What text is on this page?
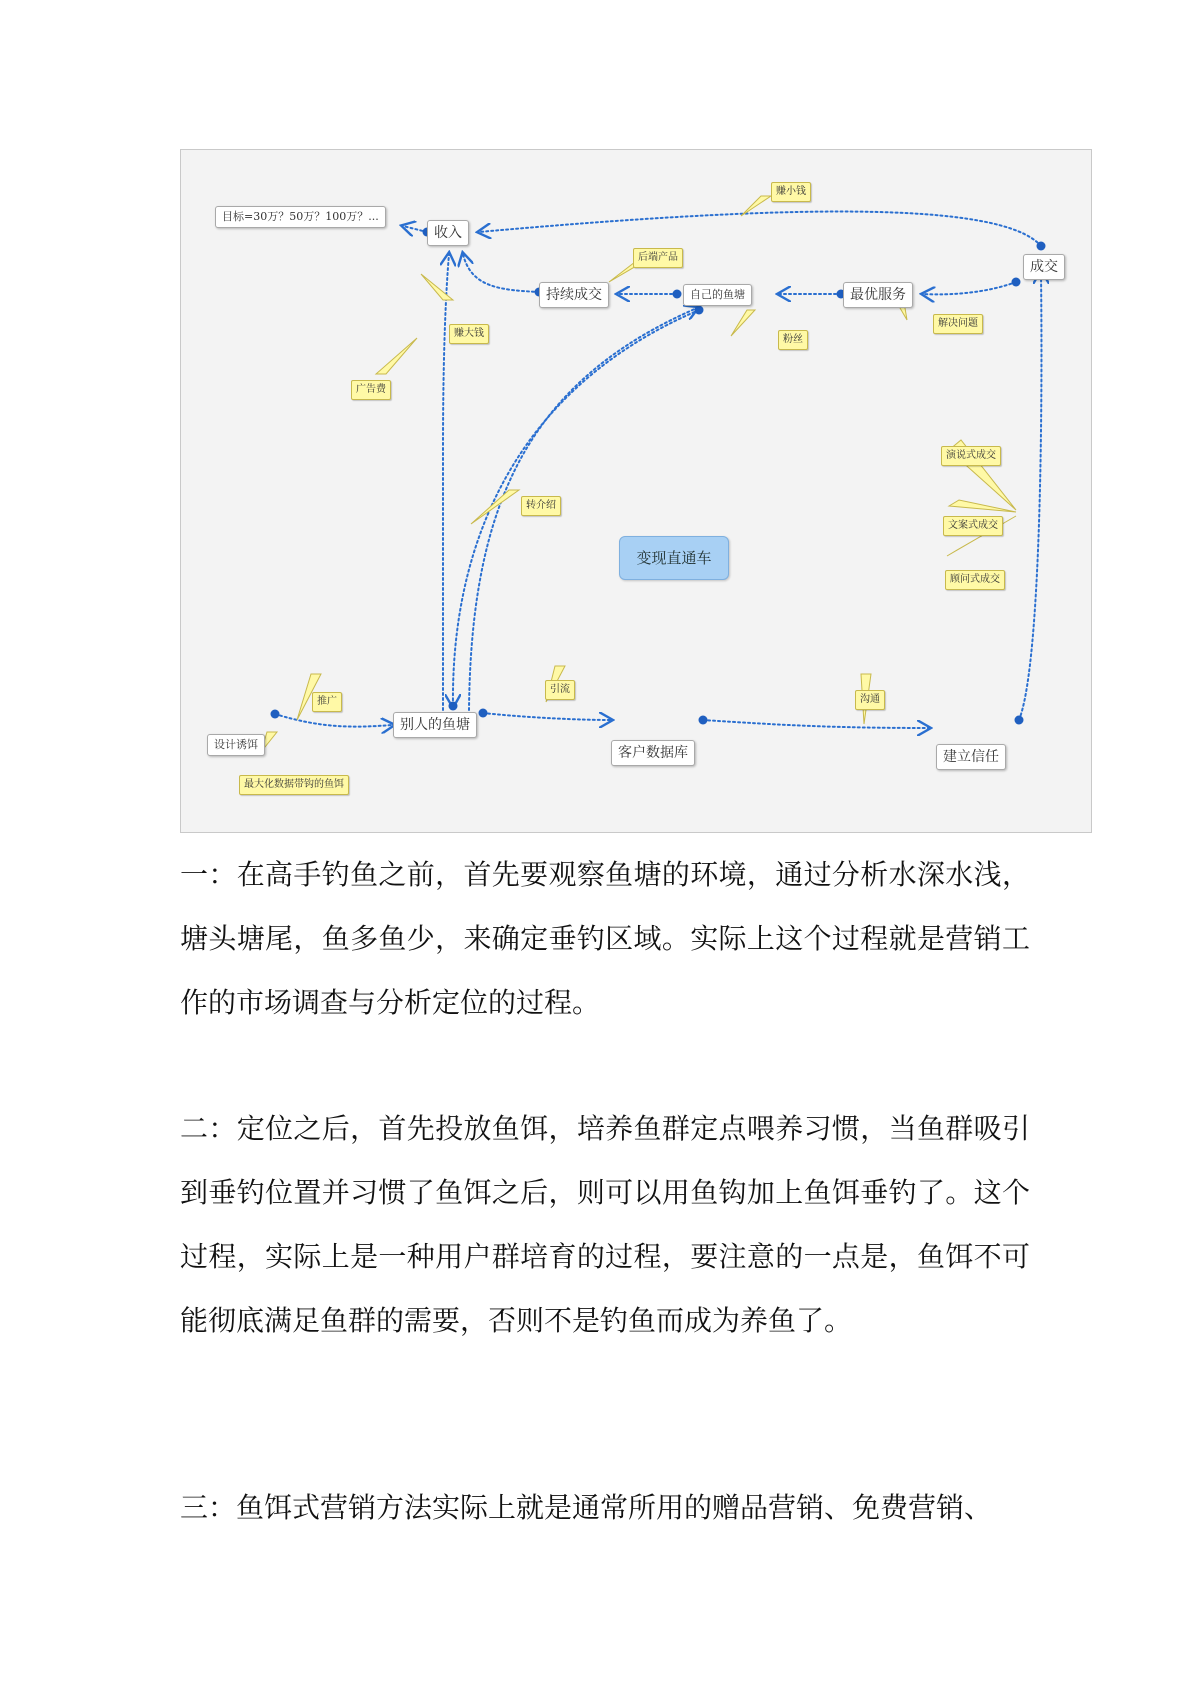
目标=30万？50万？100万？...
收入
成交
持续成交	自己的鱼塘	最优服务
别人的鱼塘
客户数据库	建立信任
设计诱饵
变现直通车
赚小钱
后端产品
赚大钱
粉丝
解决问题
广告费
转介绍
演说式成交
文案式成交
顾问式成交
推广
引流
沟通
最大化数据带钩的鱼饵

一：在高手钓鱼之前，首先要观察鱼塘的环境，通过分析水深水浅，塘头塘尾，鱼多鱼少，来确定垂钓区域。实际上这个过程就是营销工作的市场调查与分析定位的过程。

二：定位之后，首先投放鱼饵，培养鱼群定点喂养习惯，当鱼群吸引到垂钓位置并习惯了鱼饵之后，则可以用鱼钩加上鱼饵垂钓了。这个过程，实际上是一种用户群培育的过程，要注意的一点是，鱼饵不可能彻底满足鱼群的需要，否则不是钓鱼而成为养鱼了。

三：鱼饵式营销方法实际上就是通常所用的赠品营销、免费营销、
